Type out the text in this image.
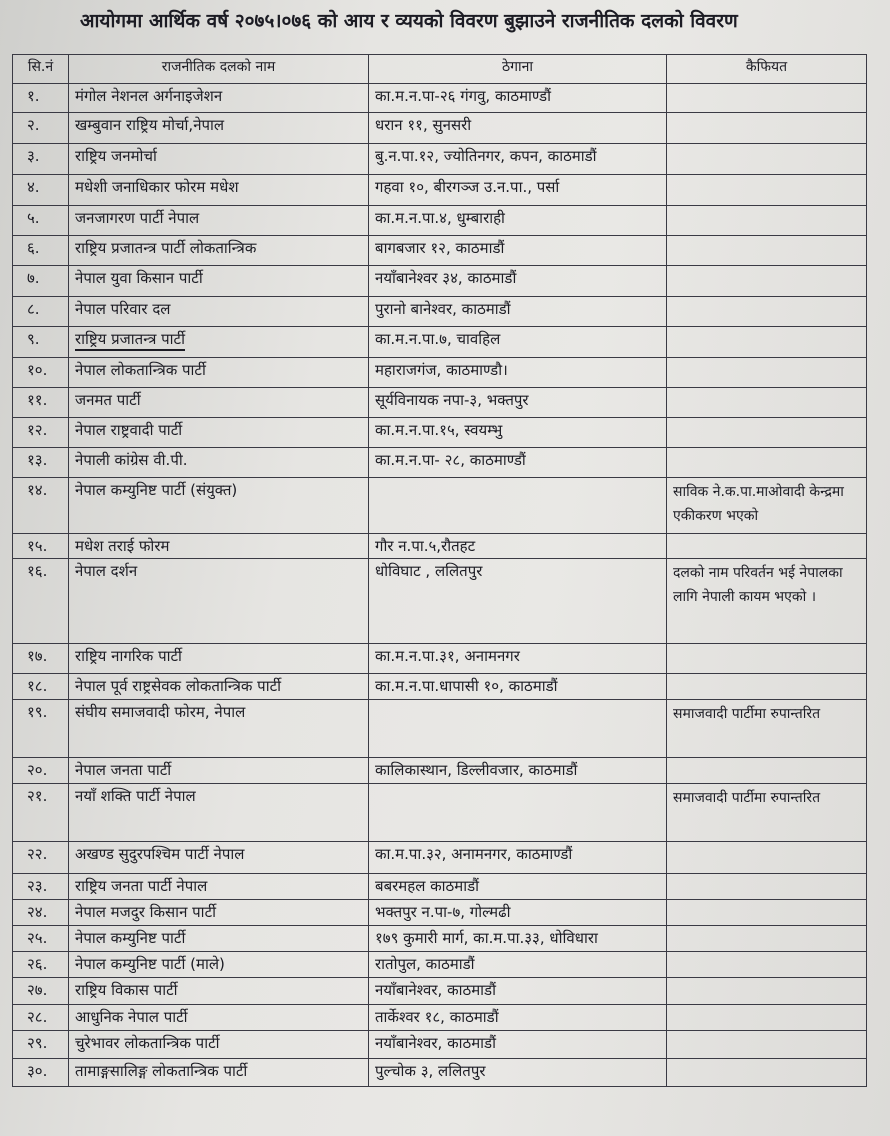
आयोगमा आर्थिक वर्ष २०७५।०७६ को आय र व्ययको विवरण बुझाउने राजनीतिक दलको विवरण
सि.नं	राजनीतिक दलको नाम	ठेगाना	कैफियत
१.	मंगोल नेशनल अर्गनाइजेशन	का.म.न.पा-२६ गंगवु, काठमाण्डौं	
२.	खम्बुवान राष्ट्रिय मोर्चा,नेपाल	धरान ११, सुनसरी	
३.	राष्ट्रिय जनमोर्चा	बु.न.पा.१२, ज्योतिनगर, कपन, काठमाडौं	
४.	मधेशी जनाधिकार फोरम मधेश	गहवा १०, बीरगञ्ज उ.न.पा., पर्सा	
५.	जनजागरण पार्टी नेपाल	का.म.न.पा.४, धुम्बाराही	
६.	राष्ट्रिय प्रजातन्त्र पार्टी लोकतान्त्रिक	बागबजार १२, काठमाडौं	
७.	नेपाल युवा किसान पार्टी	नयाँबानेश्वर ३४, काठमाडौं	
८.	नेपाल परिवार दल	पुरानो बानेश्वर, काठमाडौं	
९.	राष्ट्रिय प्रजातन्त्र पार्टी	का.म.न.पा.७, चावहिल	
१०.	नेपाल लोकतान्त्रिक पार्टी	महाराजगंज, काठमाण्डौ।	
११.	जनमत पार्टी	सूर्यविनायक नपा-३, भक्तपुर	
१२.	नेपाल राष्ट्रवादी पार्टी	का.म.न.पा.१५, स्वयम्भु	
१३.	नेपाली कांग्रेस वी.पी.	का.म.न.पा- २८, काठमाण्डौं	
१४.	नेपाल कम्युनिष्ट पार्टी (संयुक्त)		साविक ने.क.पा.माओवादी केन्द्रमा एकीकरण भएको
१५.	मधेश तराई फोरम	गौर न.पा.५,रौतहट	
१६.	नेपाल दर्शन	धोविघाट , ललितपुर	दलको नाम परिवर्तन भई नेपालका लागि नेपाली कायम भएको ।
१७.	राष्ट्रिय नागरिक पार्टी	का.म.न.पा.३१, अनामनगर	
१८.	नेपाल पूर्व राष्ट्रसेवक लोकतान्त्रिक पार्टी	का.म.न.पा.धापासी १०, काठमाडौं	
१९.	संघीय समाजवादी फोरम, नेपाल		समाजवादी पार्टीमा रुपान्तरित
२०.	नेपाल जनता पार्टी	कालिकास्थान, डिल्लीवजार, काठमाडौं	
२१.	नयाँ शक्ति पार्टी नेपाल		समाजवादी पार्टीमा रुपान्तरित
२२.	अखण्ड सुदुरपश्चिम पार्टी नेपाल	का.म.पा.३२, अनामनगर, काठमाण्डौं	
२३.	राष्ट्रिय जनता पार्टी नेपाल	बबरमहल काठमाडौं	
२४.	नेपाल मजदुर किसान पार्टी	भक्तपुर न.पा-७, गोल्मढी	
२५.	नेपाल कम्युनिष्ट पार्टी	१७९ कुमारी मार्ग, का.म.पा.३३, धोविधारा	
२६.	नेपाल कम्युनिष्ट पार्टी (माले)	रातोपुल, काठमाडौं	
२७.	राष्ट्रिय विकास पार्टी	नयाँबानेश्वर, काठमाडौं	
२८.	आधुनिक नेपाल पार्टी	तार्केश्वर १८, काठमाडौं	
२९.	चुरेभावर लोकतान्त्रिक पार्टी	नयाँबानेश्वर, काठमाडौं	
३०.	तामाङ्गसालिङ्ग लोकतान्त्रिक पार्टी	पुल्चोक ३, ललितपुर	
